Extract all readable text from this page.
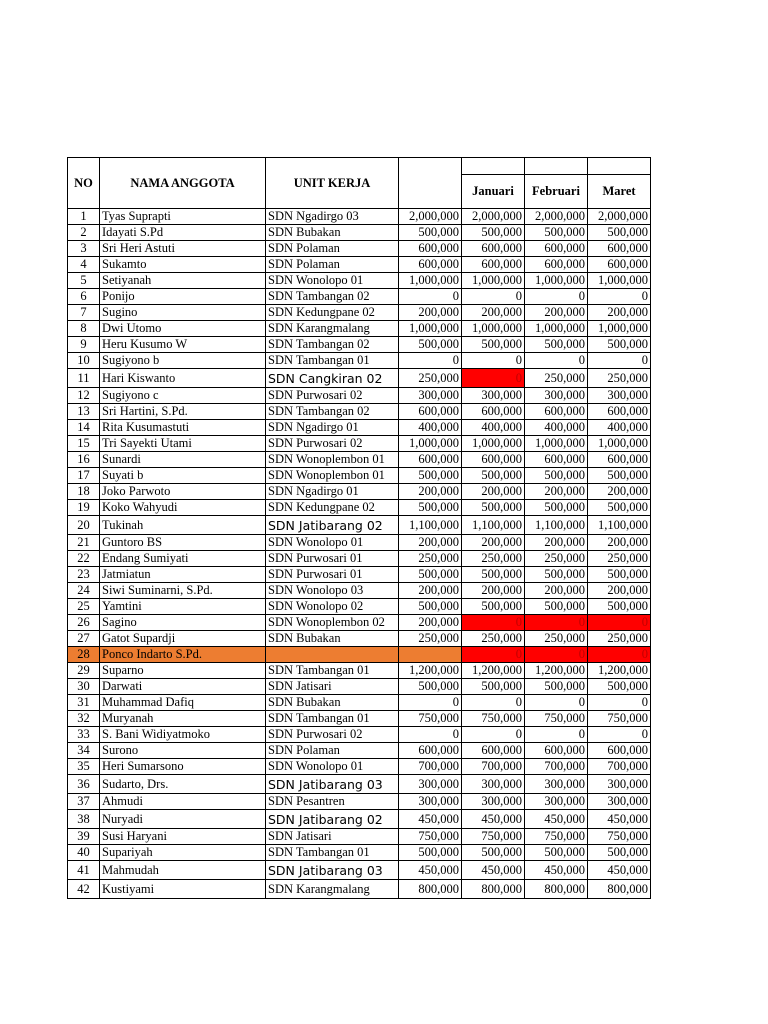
NO	NAMA ANGGOTA	UNIT KERJA				
				Januari	Februari	Maret
1	Tyas Suprapti	SDN Ngadirgo 03	2,000,000	2,000,000	2,000,000	2,000,000
2	Idayati S.Pd	SDN Bubakan	500,000	500,000	500,000	500,000
3	Sri Heri Astuti	SDN Polaman	600,000	600,000	600,000	600,000
4	Sukamto	SDN Polaman	600,000	600,000	600,000	600,000
5	Setiyanah	SDN Wonolopo 01	1,000,000	1,000,000	1,000,000	1,000,000
6	Ponijo	SDN Tambangan 02	0	0	0	0
7	Sugino	SDN Kedungpane 02	200,000	200,000	200,000	200,000
8	Dwi Utomo	SDN Karangmalang	1,000,000	1,000,000	1,000,000	1,000,000
9	Heru Kusumo W	SDN Tambangan 02	500,000	500,000	500,000	500,000
10	Sugiyono b	SDN Tambangan 01	0	0	0	0
11	Hari Kiswanto	SDN Cangkiran 02	250,000	0	250,000	250,000
12	Sugiyono c	SDN Purwosari 02	300,000	300,000	300,000	300,000
13	Sri Hartini, S.Pd.	SDN Tambangan 02	600,000	600,000	600,000	600,000
14	Rita Kusumastuti	SDN Ngadirgo 01	400,000	400,000	400,000	400,000
15	Tri Sayekti Utami	SDN Purwosari 02	1,000,000	1,000,000	1,000,000	1,000,000
16	Sunardi	SDN Wonoplembon 01	600,000	600,000	600,000	600,000
17	Suyati b	SDN Wonoplembon 01	500,000	500,000	500,000	500,000
18	Joko Parwoto	SDN Ngadirgo 01	200,000	200,000	200,000	200,000
19	Koko Wahyudi	SDN Kedungpane 02	500,000	500,000	500,000	500,000
20	Tukinah	SDN Jatibarang 02	1,100,000	1,100,000	1,100,000	1,100,000
21	Guntoro BS	SDN Wonolopo 01	200,000	200,000	200,000	200,000
22	Endang Sumiyati	SDN Purwosari 01	250,000	250,000	250,000	250,000
23	Jatmiatun	SDN Purwosari 01	500,000	500,000	500,000	500,000
24	Siwi Suminarni, S.Pd.	SDN Wonolopo 03	200,000	200,000	200,000	200,000
25	Yamtini	SDN Wonolopo 02	500,000	500,000	500,000	500,000
26	Sagino	SDN Wonoplembon 02	200,000	0	0	0
27	Gatot Supardji	SDN Bubakan	250,000	250,000	250,000	250,000
28	Ponco Indarto S.Pd.			0	0	0
29	Suparno	SDN Tambangan 01	1,200,000	1,200,000	1,200,000	1,200,000
30	Darwati	SDN Jatisari	500,000	500,000	500,000	500,000
31	Muhammad Dafiq	SDN Bubakan	0	0	0	0
32	Muryanah	SDN Tambangan 01	750,000	750,000	750,000	750,000
33	S. Bani Widiyatmoko	SDN Purwosari 02	0	0	0	0
34	Surono	SDN Polaman	600,000	600,000	600,000	600,000
35	Heri Sumarsono	SDN Wonolopo 01	700,000	700,000	700,000	700,000
36	Sudarto, Drs.	SDN Jatibarang 03	300,000	300,000	300,000	300,000
37	Ahmudi	SDN Pesantren	300,000	300,000	300,000	300,000
38	Nuryadi	SDN Jatibarang 02	450,000	450,000	450,000	450,000
39	Susi Haryani	SDN Jatisari	750,000	750,000	750,000	750,000
40	Supariyah	SDN Tambangan 01	500,000	500,000	500,000	500,000
41	Mahmudah	SDN Jatibarang 03	450,000	450,000	450,000	450,000
42	Kustiyami	SDN Karangmalang	800,000	800,000	800,000	800,000
